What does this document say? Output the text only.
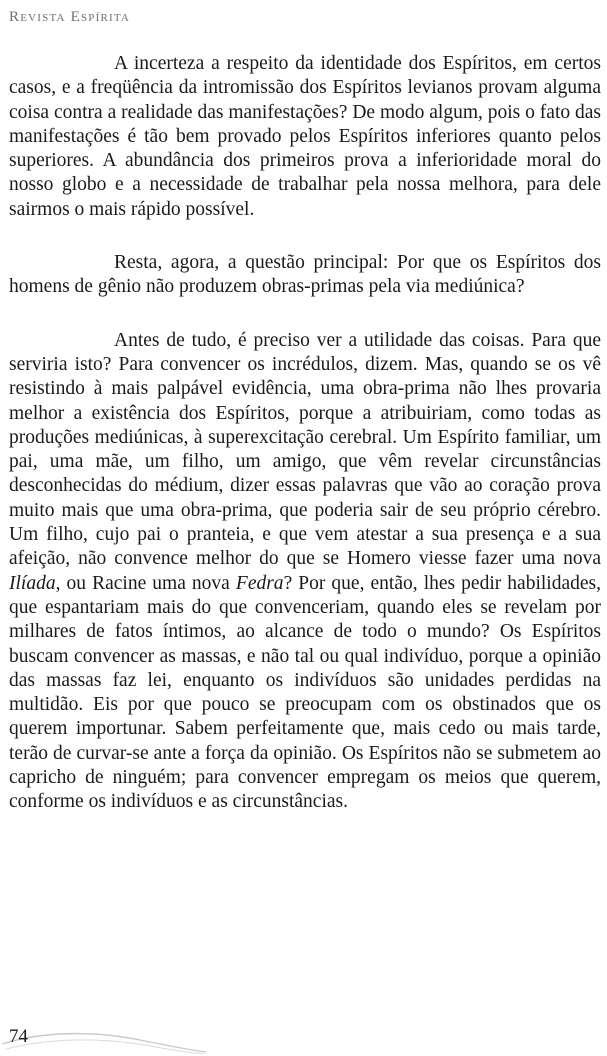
Revista Espírita

A incerteza a respeito da identidade dos Espíritos, em certos casos, e a freqüência da intromissão dos Espíritos levianos provam alguma coisa contra a realidade das manifestações? De modo algum, pois o fato das manifestações é tão bem provado pelos Espíritos inferiores quanto pelos superiores. A abundância dos primeiros prova a inferioridade moral do nosso globo e a necessidade de trabalhar pela nossa melhora, para dele sairmos o mais rápido possível.

Resta, agora, a questão principal: Por que os Espíritos dos homens de gênio não produzem obras-primas pela via mediúnica?

Antes de tudo, é preciso ver a utilidade das coisas. Para que serviria isto? Para convencer os incrédulos, dizem. Mas, quando se os vê resistindo à mais palpável evidência, uma obra-prima não lhes provaria melhor a existência dos Espíritos, porque a atribuiriam, como todas as produções mediúnicas, à superexcitação cerebral. Um Espírito familiar, um pai, uma mãe, um filho, um amigo, que vêm revelar circunstâncias desconhecidas do médium, dizer essas palavras que vão ao coração prova muito mais que uma obra-prima, que poderia sair de seu próprio cérebro. Um filho, cujo pai o pranteia, e que vem atestar a sua presença e a sua afeição, não convence melhor do que se Homero viesse fazer uma nova Ilíada, ou Racine uma nova Fedra? Por que, então, lhes pedir habilidades, que espantariam mais do que convenceriam, quando eles se revelam por milhares de fatos íntimos, ao alcance de todo o mundo? Os Espíritos buscam convencer as massas, e não tal ou qual indivíduo, porque a opinião das massas faz lei, enquanto os indivíduos são unidades perdidas na multidão. Eis por que pouco se preocupam com os obstinados que os querem importunar. Sabem perfeitamente que, mais cedo ou mais tarde, terão de curvar-se ante a força da opinião. Os Espíritos não se submetem ao capricho de ninguém; para convencer empregam os meios que querem, conforme os indivíduos e as circunstâncias.

74
